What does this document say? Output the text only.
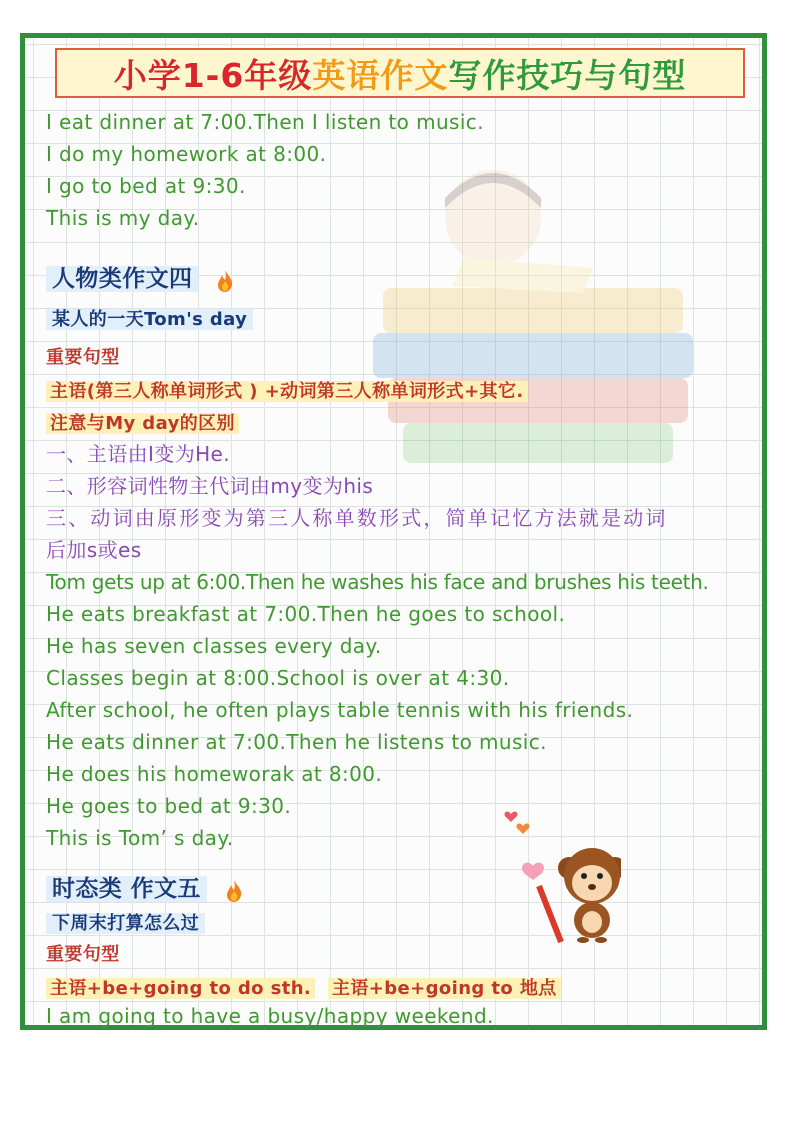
小学1-6年级 英语作文 写作技巧与句型
I eat dinner at 7:00.Then I listen to music.
I do my homework at 8:00.
I go to bed at 9:30.
This is my day.
人物类作文四
某人的一天Tom's day
重要句型
主语(第三人称单词形式 ) +动词第三人称单词形式+其它.
注意与My day的区别
一、主语由I变为He.
二、形容词性物主代词由my变为his
三、动词由原形变为第三人称单数形式，简单记忆方法就是动词
后加s或es
Tom gets up at 6:00.Then he washes his face and brushes his teeth.
He eats breakfast at 7:00.Then he goes to school.
He has seven classes every day.
Classes begin at 8:00.School is over at 4:30.
After school, he often plays table tennis with his friends.
He eats dinner at 7:00.Then he listens to music.
He does his homeworak at 8:00.
He goes to bed at 9:30.
This is Tom’ s day.
时态类 作文五
下周末打算怎么过
重要句型
主语+be+going to do sth. 主语+be+going to 地点
I am going to have a busy/happy weekend.
